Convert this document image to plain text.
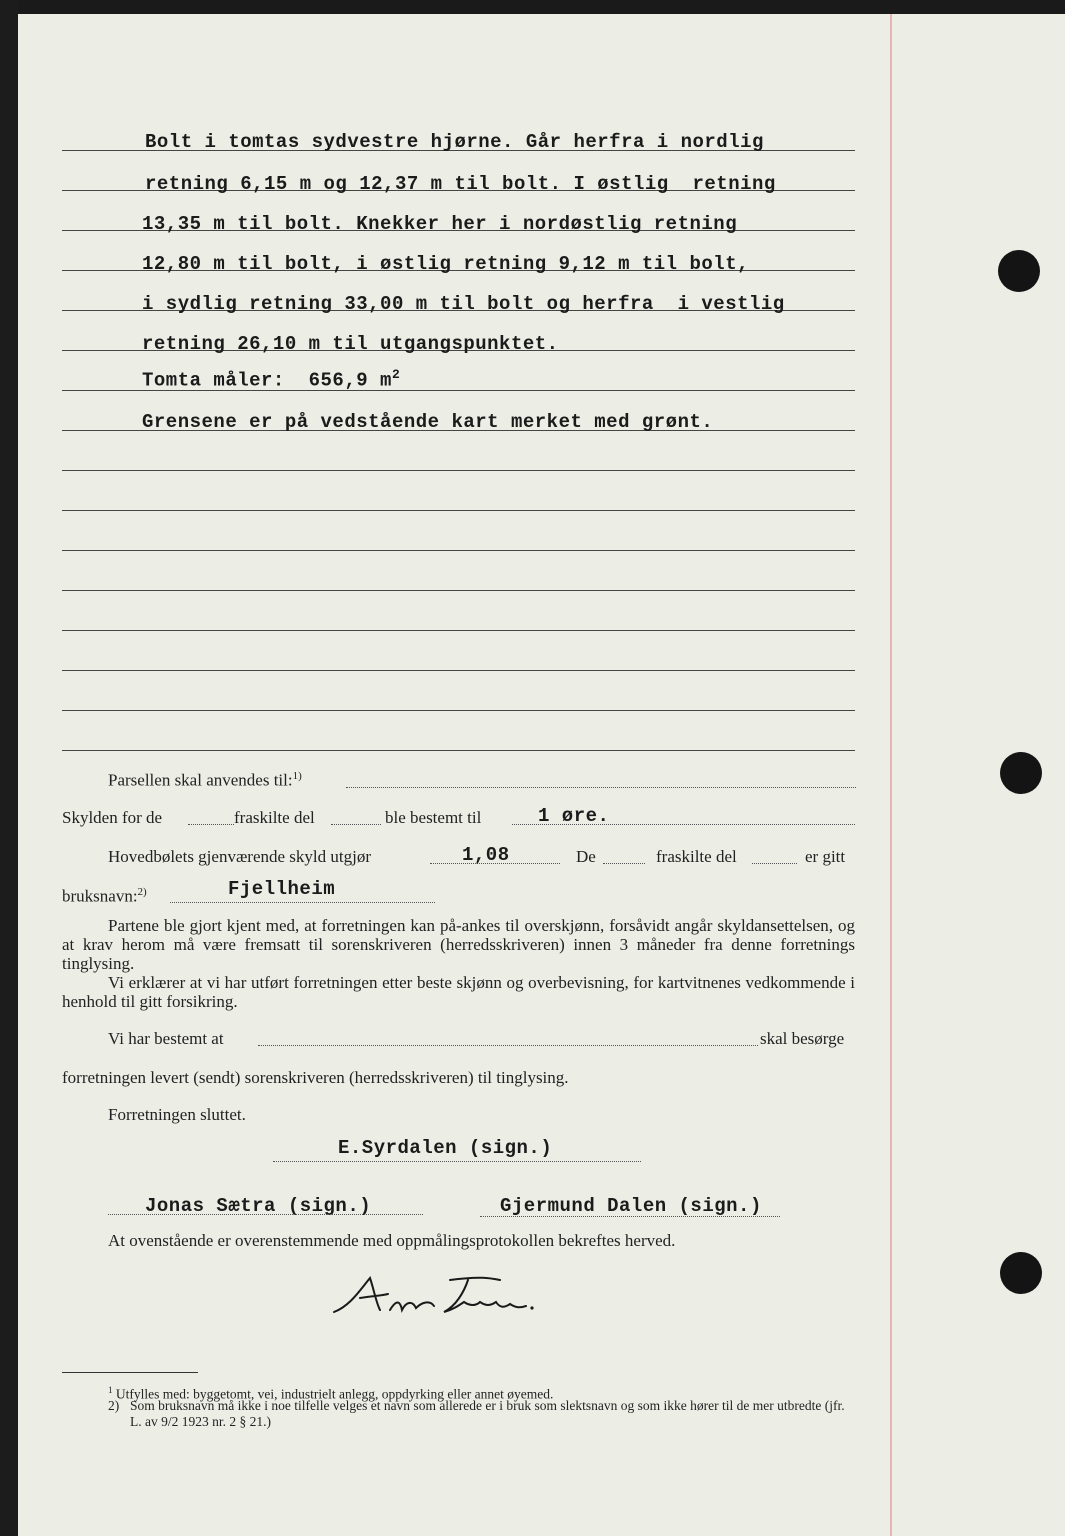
Bolt i tomtas sydvestre hjørne. Går herfra i nordlig
retning 6,15 m og 12,37 m til bolt. I østlig  retning
13,35 m til bolt. Knekker her i nordøstlig retning
12,80 m til bolt, i østlig retning 9,12 m til bolt,
i sydlig retning 33,00 m til bolt og herfra  i vestlig
retning 26,10 m til utgangspunktet.
Tomta måler:  656,9 $m^2$
Grensene er på vedstående kart merket med grønt.
Parsellen skal anvendes til:$^{1)}$
Skylden for de	fraskilte del	ble bestemt til	1 øre.
Hovedbølets gjenværende skyld utgjør	1,08	De	fraskilte del	er gitt
bruksnavn:$^{2)}$	Fjellheim
Partene ble gjort kjent med, at forretningen kan på-ankes til overskjønn, forsåvidt angår skyldansettelsen, og at krav herom må være fremsatt til sorenskriveren (herredsskriveren) innen 3 måneder fra denne forretnings tinglysing.
Vi erklærer at vi har utført forretningen etter beste skjønn og overbevisning, for kartvitnenes vedkommende i henhold til gitt forsikring.
Vi har bestemt at	skal besørge
forretningen levert (sendt) sorenskriveren (herredsskriveren) til tinglysing.
Forretningen sluttet.
E.Syrdalen (sign.)
Jonas Sætra (sign.)	Gjermund Dalen (sign.)
At ovenstående er overenstemmende med oppmålingsprotokollen bekreftes herved.
$^1$ Utfylles med: byggetomt, vei, industrielt anlegg, oppdyrking eller annet øyemed.
2) Som bruksnavn må ikke i noe tilfelle velges et navn som allerede er i bruk som slektsnavn og som ikke hører til de mer utbredte (jfr. L. av 9/2 1923 nr. 2 § 21.)
